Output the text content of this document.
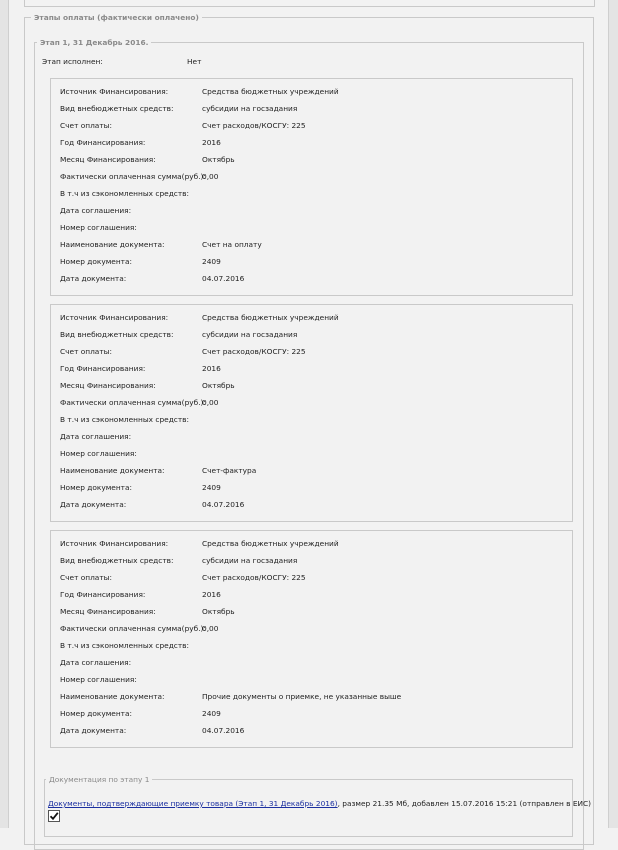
Этапы оплаты (фактически оплачено)
Этап 1, 31 Декабрь 2016.
Этап исполнен:	Нет
Источник Финансирования:	Средства бюджетных учреждений
Вид внебюджетных средств:	субсидии на госзадания
Счет оплаты:	Счет расходов/КОСГУ: 225
Год Финансирования:	2016
Месяц Финансирования:	Октябрь
Фактически оплаченная сумма(руб.):
0,00
В т.ч из сэкономленных средств:
Дата соглашения:
Номер соглашения:
Наименование документа:	Счет на оплату
Номер документа:	2409
Дата документа:	04.07.2016
Источник Финансирования:	Средства бюджетных учреждений
Вид внебюджетных средств:	субсидии на госзадания
Счет оплаты:	Счет расходов/КОСГУ: 225
Год Финансирования:	2016
Месяц Финансирования:	Октябрь
Фактически оплаченная сумма(руб.):
0,00
В т.ч из сэкономленных средств:
Дата соглашения:
Номер соглашения:
Наименование документа:	Счет-фактура
Номер документа:	2409
Дата документа:	04.07.2016
Источник Финансирования:	Средства бюджетных учреждений
Вид внебюджетных средств:	субсидии на госзадания
Счет оплаты:	Счет расходов/КОСГУ: 225
Год Финансирования:	2016
Месяц Финансирования:	Октябрь
Фактически оплаченная сумма(руб.):
0,00
В т.ч из сэкономленных средств:
Дата соглашения:
Номер соглашения:
Наименование документа:	Прочие документы о приемке, не указанные выше
Номер документа:	2409
Дата документа:	04.07.2016
Документация по этапу 1
Документы, подтверждающие приемку товара (Этап 1, 31 Декабрь 2016), размер 21.35 Мб, добавлен 15.07.2016 15:21 (отправлен в ЕИС)
